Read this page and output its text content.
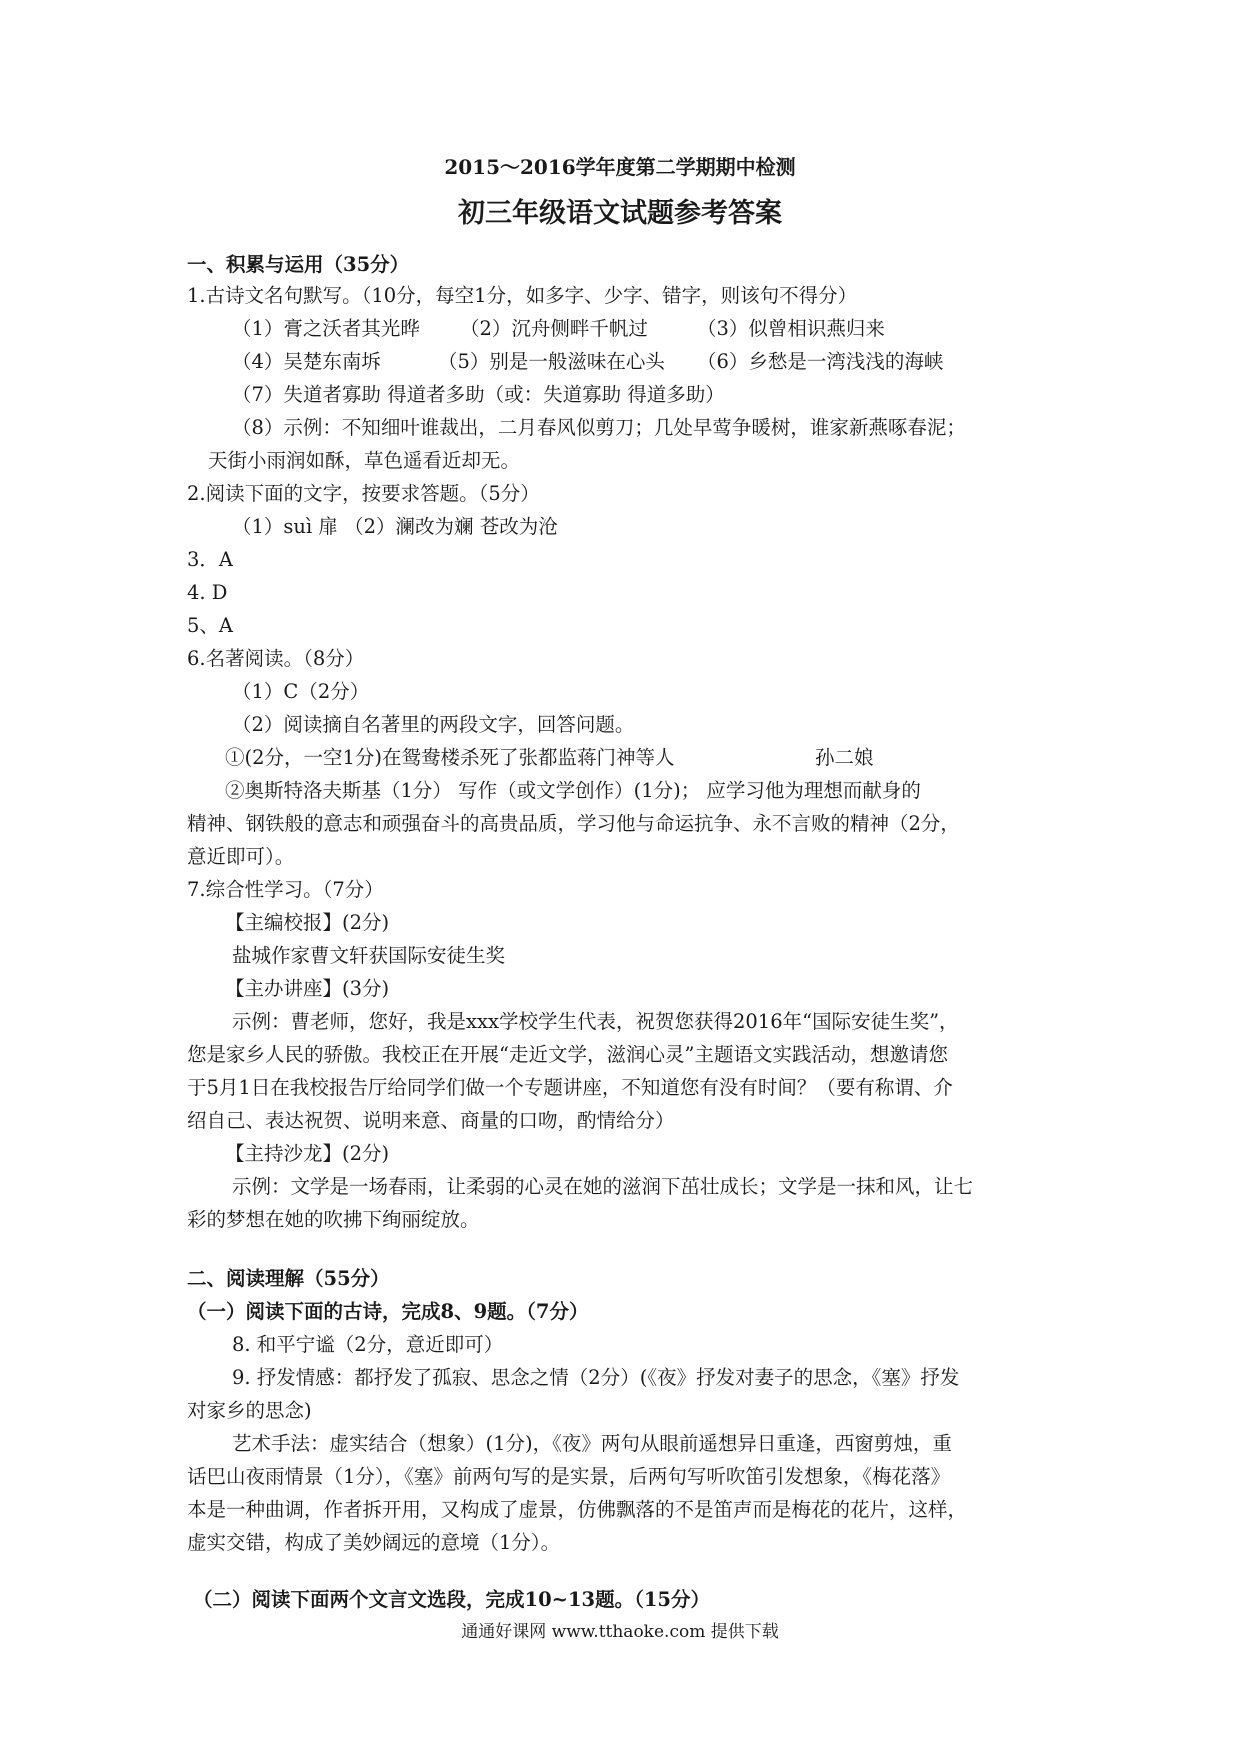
2015～2016学年度第二学期期中检测
初三年级语文试题参考答案
一、积累与运用（35分）
1.古诗文名句默写。（10分，每空1分，如多字、少字、错字，则该句不得分）
（1）膏之沃者其光晔 （2）沉舟侧畔千帆过	（3）似曾相识燕归来
（4）吴楚东南坼	（5）别是一般滋味在心头 （6）乡愁是一湾浅浅的海峡
（7）失道者寡助 得道者多助（或：失道寡助 得道多助）
（8）示例：不知细叶谁裁出，二月春风似剪刀；几处早莺争暖树，谁家新燕啄春泥；
天街小雨润如酥，草色遥看近却无。
2.阅读下面的文字，按要求答题。（5分）
（1）suì 扉 （2）澜改为斓 苍改为沧
3．A
4. D
5、A
6.名著阅读。（8分）
（1）C（2分）
（2）阅读摘自名著里的两段文字，回答问题。
①(2分，一空1分)在鸳鸯楼杀死了张都监蒋门神等人	孙二娘
②奥斯特洛夫斯基（1分） 写作（或文学创作）(1分)； 应学习他为理想而献身的
精神、钢铁般的意志和顽强奋斗的高贵品质，学习他与命运抗争、永不言败的精神（2分，
意近即可）。
7.综合性学习。（7分）
【主编校报】(2分)
盐城作家曹文轩获国际安徒生奖
【主办讲座】(3分)
示例：曹老师，您好，我是xxx学校学生代表，祝贺您获得2016年“国际安徒生奖”，
您是家乡人民的骄傲。我校正在开展“走近文学，滋润心灵”主题语文实践活动，想邀请您
于5月1日在我校报告厅给同学们做一个专题讲座，不知道您有没有时间？（要有称谓、介
绍自己、表达祝贺、说明来意、商量的口吻，酌情给分）
【主持沙龙】(2分)
示例：文学是一场春雨，让柔弱的心灵在她的滋润下茁壮成长；文学是一抹和风，让七
彩的梦想在她的吹拂下绚丽绽放。
二、阅读理解（55分）
（一）阅读下面的古诗，完成8、9题。（7分）
8. 和平宁谧（2分，意近即可）
9. 抒发情感：都抒发了孤寂、思念之情（2分）(《夜》抒发对妻子的思念，《塞》抒发
对家乡的思念)
艺术手法：虚实结合（想象）(1分)，《夜》两句从眼前遥想异日重逢，西窗剪烛，重
话巴山夜雨情景（1分），《塞》前两句写的是实景，后两句写听吹笛引发想象，《梅花落》
本是一种曲调，作者拆开用，又构成了虚景，仿佛飘落的不是笛声而是梅花的花片，这样，
虚实交错，构成了美妙阔远的意境（1分）。
（二）阅读下面两个文言文选段，完成10~13题。（15分）
通通好课网 www.tthaoke.com 提供下载
